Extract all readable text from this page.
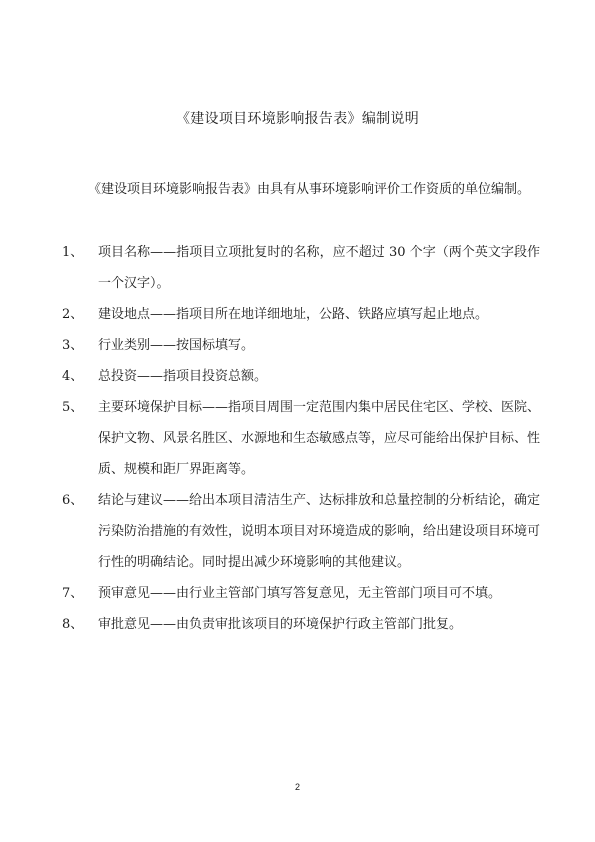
《建设项目环境影响报告表》编制说明
《建设项目环境影响报告表》由具有从事环境影响评价工作资质的单位编制。
1、	项目名称——指项目立项批复时的名称，应不超过 30 个字（两个英文字段作一个汉字）。
2、	建设地点——指项目所在地详细地址，公路、铁路应填写起止地点。
3、	行业类别——按国标填写。
4、	总投资——指项目投资总额。
5、	主要环境保护目标——指项目周围一定范围内集中居民住宅区、学校、医院、保护文物、风景名胜区、水源地和生态敏感点等，应尽可能给出保护目标、性质、规模和距厂界距离等。
6、	结论与建议——给出本项目清洁生产、达标排放和总量控制的分析结论，确定污染防治措施的有效性，说明本项目对环境造成的影响，给出建设项目环境可行性的明确结论。同时提出减少环境影响的其他建议。
7、	预审意见——由行业主管部门填写答复意见，无主管部门项目可不填。
8、	审批意见——由负责审批该项目的环境保护行政主管部门批复。
2
